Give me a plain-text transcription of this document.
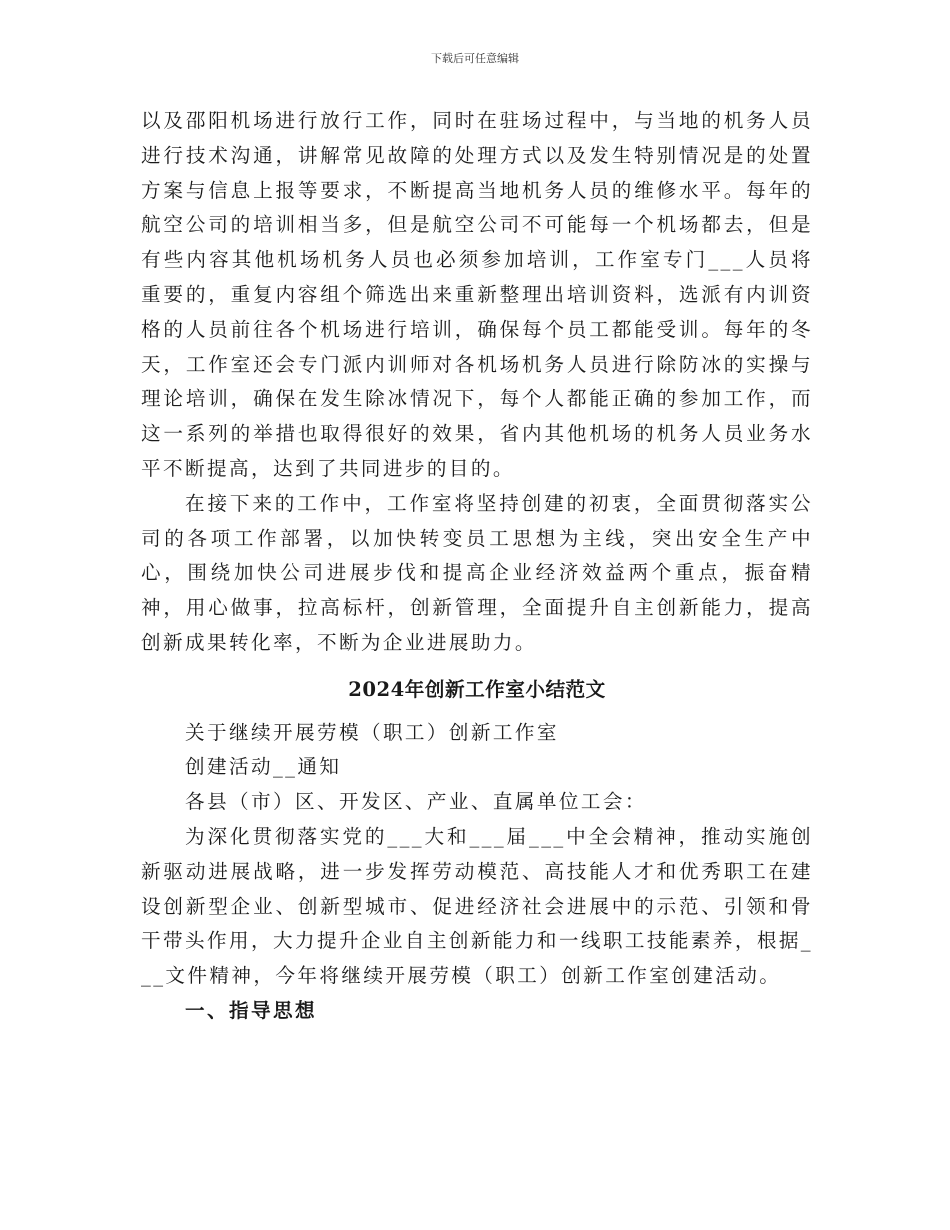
下载后可任意编辑

以及邵阳机场进行放行工作，同时在驻场过程中，与当地的机务人员进行技术沟通，讲解常见故障的处理方式以及发生特别情况是的处置方案与信息上报等要求，不断提高当地机务人员的维修水平。每年的航空公司的培训相当多，但是航空公司不可能每一个机场都去，但是有些内容其他机场机务人员也必须参加培训，工作室专门___人员将重要的，重复内容组个筛选出来重新整理出培训资料，选派有内训资格的人员前往各个机场进行培训，确保每个员工都能受训。每年的冬天，工作室还会专门派内训师对各机场机务人员进行除防冰的实操与理论培训，确保在发生除冰情况下，每个人都能正确的参加工作，而这一系列的举措也取得很好的效果，省内其他机场的机务人员业务水平不断提高，达到了共同进步的目的。

在接下来的工作中，工作室将坚持创建的初衷，全面贯彻落实公司的各项工作部署，以加快转变员工思想为主线，突出安全生产中心，围绕加快公司进展步伐和提高企业经济效益两个重点，振奋精神，用心做事，拉高标杆，创新管理，全面提升自主创新能力，提高创新成果转化率，不断为企业进展助力。

2024年创新工作室小结范文

关于继续开展劳模（职工）创新工作室

创建活动__通知

各县（市）区、开发区、产业、直属单位工会：

为深化贯彻落实党的___大和___届___中全会精神，推动实施创新驱动进展战略，进一步发挥劳动模范、高技能人才和优秀职工在建设创新型企业、创新型城市、促进经济社会进展中的示范、引领和骨干带头作用，大力提升企业自主创新能力和一线职工技能素养，根据___文件精神，今年将继续开展劳模（职工）创新工作室创建活动。

一、指导思想
